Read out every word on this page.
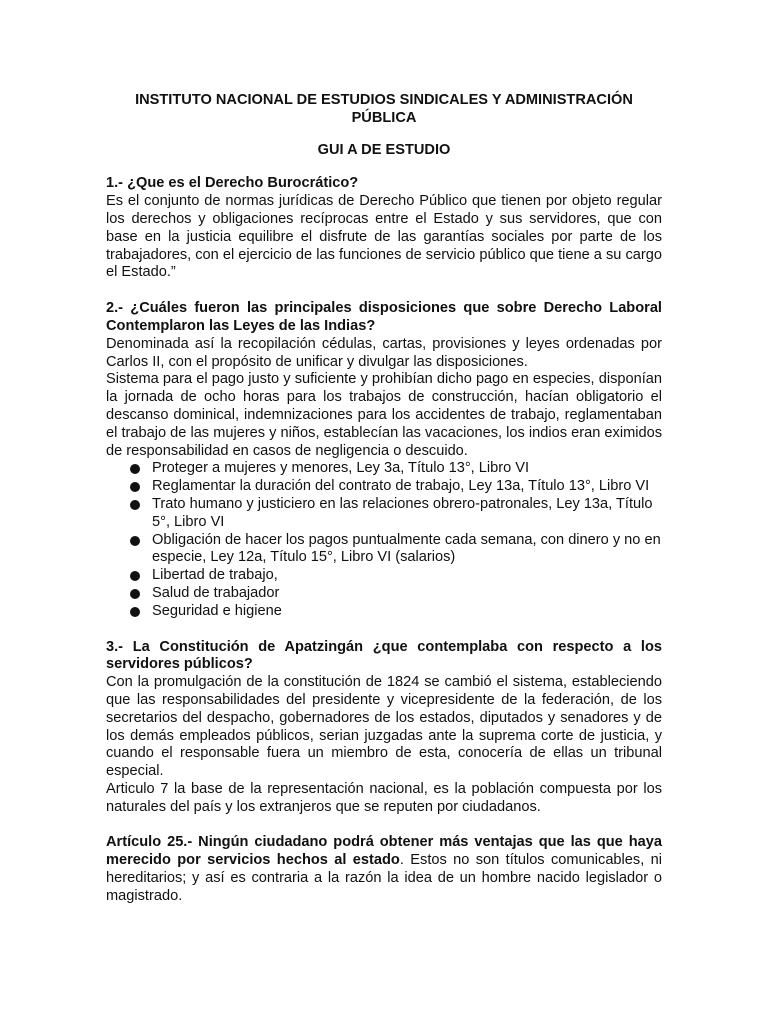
INSTITUTO NACIONAL DE ESTUDIOS SINDICALES Y ADMINISTRACIÓN PÚBLICA

GUI A DE ESTUDIO

1.- ¿Que es el Derecho Burocrático?

Es el conjunto de normas jurídicas de Derecho Público que tienen por objeto regular los derechos y obligaciones recíprocas entre el Estado y sus servidores, que con base en la justicia equilibre el disfrute de las garantías sociales por parte de los trabajadores, con el ejercicio de las funciones de servicio público que tiene a su cargo el Estado.”

2.- ¿Cuáles fueron las principales disposiciones que sobre Derecho Laboral Contemplaron las Leyes de las Indias?

Denominada así la recopilación cédulas, cartas, provisiones y leyes ordenadas por Carlos II, con el propósito de unificar y divulgar las disposiciones.

Sistema para el pago justo y suficiente y prohibían dicho pago en especies, disponían la jornada de ocho horas para los trabajos de construcción, hacían obligatorio el descanso dominical, indemnizaciones para los accidentes de trabajo, reglamentaban el trabajo de las mujeres y niños, establecían las vacaciones, los indios eran eximidos de responsabilidad en casos de negligencia o descuido.

Proteger a mujeres y menores, Ley 3a, Título 13°, Libro VI
Reglamentar la duración del contrato de trabajo, Ley 13a, Título 13°, Libro VI
Trato humano y justiciero en las relaciones obrero-patronales, Ley 13a, Título 5°, Libro VI
Obligación de hacer los pagos puntualmente cada semana, con dinero y no en especie, Ley 12a, Título 15°, Libro VI (salarios)
Libertad de trabajo,
Salud de trabajador
Seguridad e higiene

3.- La Constitución de Apatzingán ¿que contemplaba con respecto a los servidores públicos?

Con la promulgación de la constitución de 1824 se cambió el sistema, estableciendo que las responsabilidades del presidente y vicepresidente de la federación, de los secretarios del despacho, gobernadores de los estados, diputados y senadores y de los demás empleados públicos, serian juzgadas ante la suprema corte de justicia, y cuando el responsable fuera un miembro de esta, conocería de ellas un tribunal especial.

Articulo 7 la base de la representación nacional, es la población compuesta por los naturales del país y los extranjeros que se reputen por ciudadanos.

Artículo 25.- Ningún ciudadano podrá obtener más ventajas que las que haya merecido por servicios hechos al estado. Estos no son títulos comunicables, ni hereditarios; y así es contraria a la razón la idea de un hombre nacido legislador o magistrado.
